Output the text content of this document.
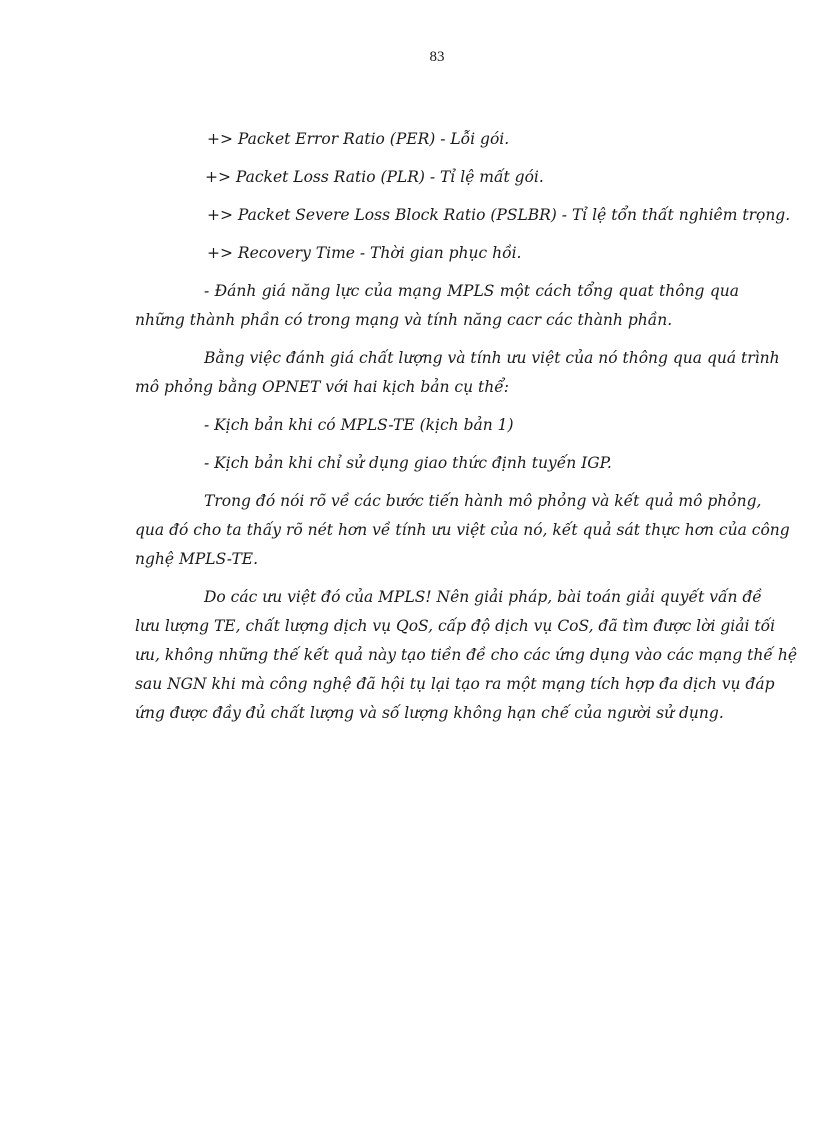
83
+> Packet Error Ratio (PER) - Lỗi gói.
+> Packet Loss Ratio (PLR) - Tỉ lệ mất gói.
+> Packet Severe Loss Block Ratio (PSLBR) - Tỉ lệ tổn thất nghiêm trọng.
+> Recovery Time - Thời gian phục hồi.
- Đánh giá năng lực của mạng MPLS một cách tổng quat thông qua
những thành phần có trong mạng và tính năng cacr các thành phần.
Bằng việc đánh giá chất lượng và tính ưu việt của nó thông qua quá trình
mô phỏng bằng OPNET với hai kịch bản cụ thể:
- Kịch bản khi có MPLS-TE (kịch bản 1)
- Kịch bản khi chỉ sử dụng giao thức định tuyến IGP.
Trong đó nói rõ về các bước tiến hành mô phỏng và kết quả mô phỏng,
qua đó cho ta thấy rõ nét hơn về tính ưu việt của nó, kết quả sát thực hơn của công
nghệ MPLS-TE.
Do các ưu việt đó của MPLS! Nên giải pháp, bài toán giải quyết vấn đề
lưu lượng TE, chất lượng dịch vụ QoS, cấp độ dịch vụ CoS, đã tìm được lời giải tối
ưu, không những thế kết quả này tạo tiền đề cho các ứng dụng vào các mạng thế hệ
sau NGN khi mà công nghệ đã hội tụ lại tạo ra một mạng tích hợp đa dịch vụ đáp
ứng được đầy đủ chất lượng và số lượng không hạn chế của người sử dụng.
